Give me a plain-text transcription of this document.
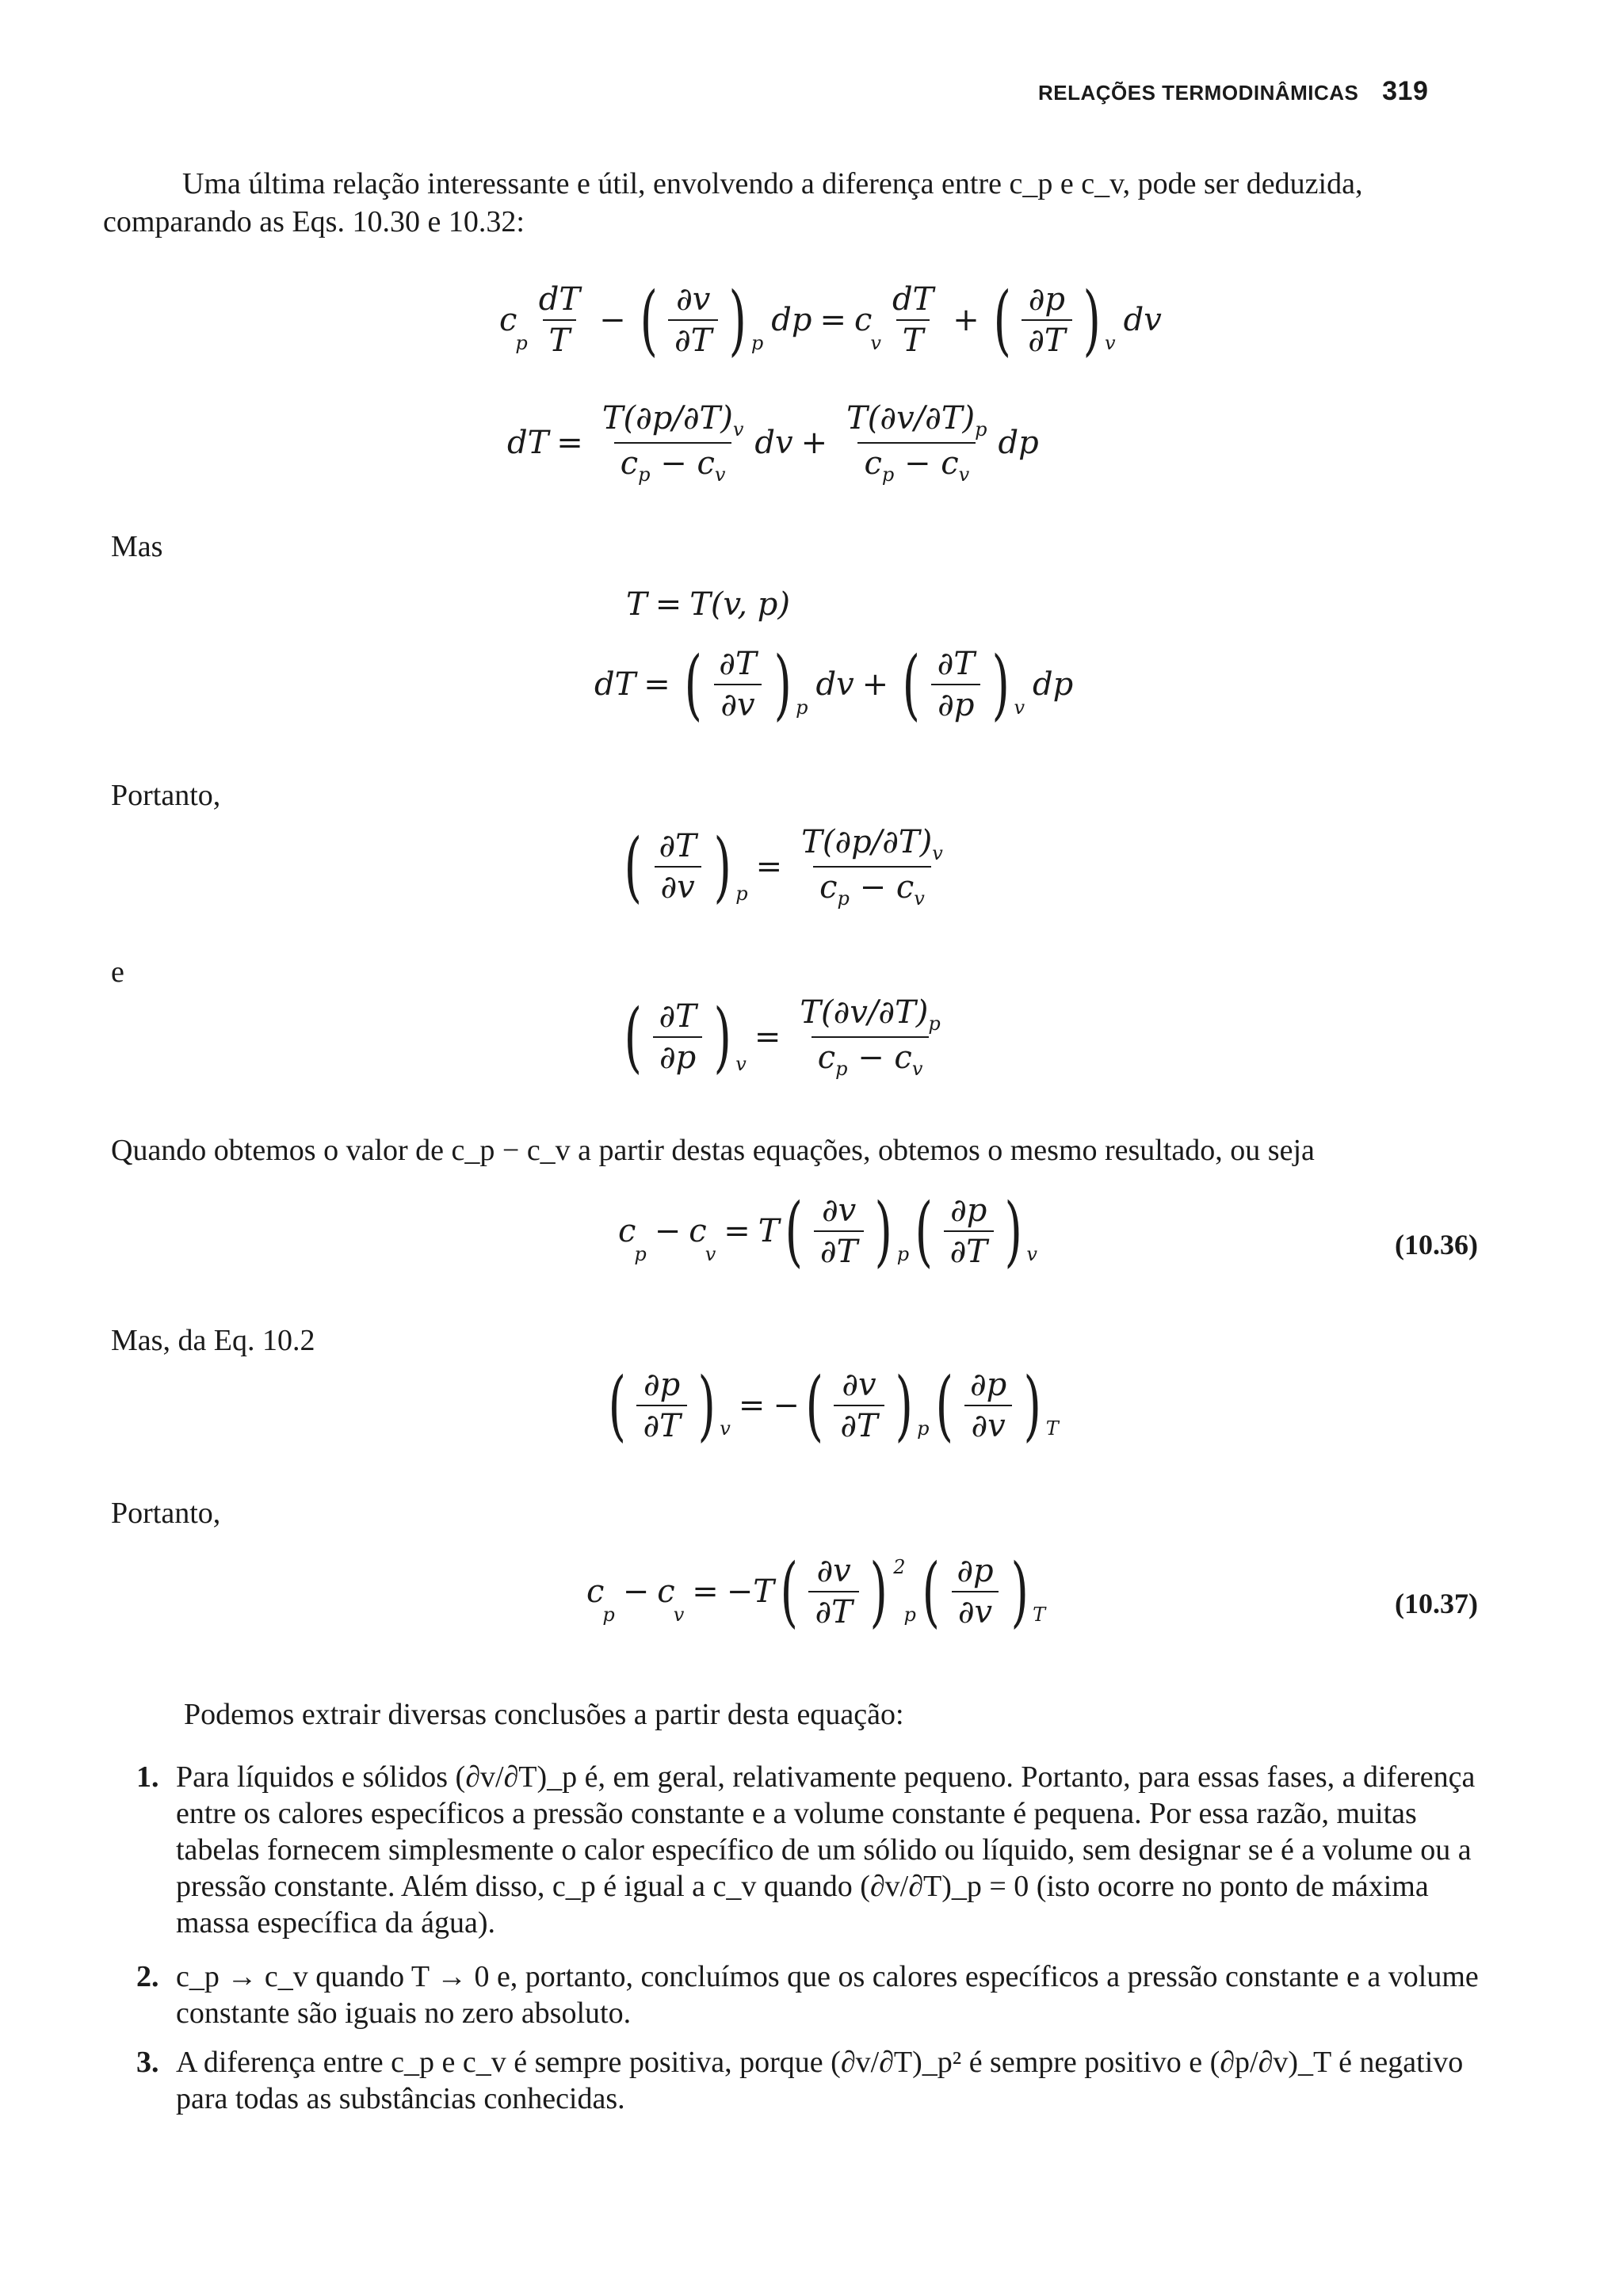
RELAÇÕES TERMODINÂMICAS 319
Uma última relação interessante e útil, envolvendo a diferença entre c_p e c_v, pode ser deduzida, comparando as Eqs. 10.30 e 10.32:
c
p $\frac{dT}{T}$ − ( $\frac{\partial v}{\partial T}$ ) p
dp = c
v $\frac{dT}{T}$ + ( $\frac{\partial p}{\partial T}$ ) v
dv
dT = $\frac{T(\partial p/\partial T)_v}{c_p - c_v}$ dv + $\frac{T(\partial v/\partial T)_p}{c_p - c_v}$ dp
Mas
T = T(v, p)
dT = ( $\frac{\partial T}{\partial v}$ ) p
dv + ( $\frac{\partial T}{\partial p}$ ) v
dp
Portanto,
( $\frac{\partial T}{\partial v}$ ) p
= $\frac{T(\partial p/\partial T)_v}{c_p - c_v}$
e
( $\frac{\partial T}{\partial p}$ ) v
= $\frac{T(\partial v/\partial T)_p}{c_p - c_v}$
Quando obtemos o valor de c_p − c_v a partir destas equações, obtemos o mesmo resultado, ou seja
c
p
− c
v
= T ( $\frac{\partial v}{\partial T}$ ) p ( $\frac{\partial p}{\partial T}$ ) v	(10.36)
Mas, da Eq. 10.2
( $\frac{\partial p}{\partial T}$ ) v
= − ( $\frac{\partial v}{\partial T}$ ) p ( $\frac{\partial p}{\partial v}$ ) T
Portanto,
c
p
− c
v
= − T ( $\frac{\partial v}{\partial T}$ ) 2
p ( $\frac{\partial p}{\partial v}$ ) T	(10.37)
Podemos extrair diversas conclusões a partir desta equação:
1. Para líquidos e sólidos (∂v/∂T)_p é, em geral, relativamente pequeno. Portanto, para essas fases, a diferença entre os calores específicos a pressão constante e a volume constante é pequena. Por essa razão, muitas tabelas fornecem simplesmente o calor específico de um sólido ou líquido, sem designar se é a volume ou a pressão constante. Além disso, c_p é igual a c_v quando (∂v/∂T)_p = 0 (isto ocorre no ponto de máxima massa específica da água).
2. c_p → c_v quando T → 0 e, portanto, concluímos que os calores específicos a pressão constante e a volume constante são iguais no zero absoluto.
3. A diferença entre c_p e c_v é sempre positiva, porque (∂v/∂T)_p² é sempre positivo e (∂p/∂v)_T é negativo para todas as substâncias conhecidas.
